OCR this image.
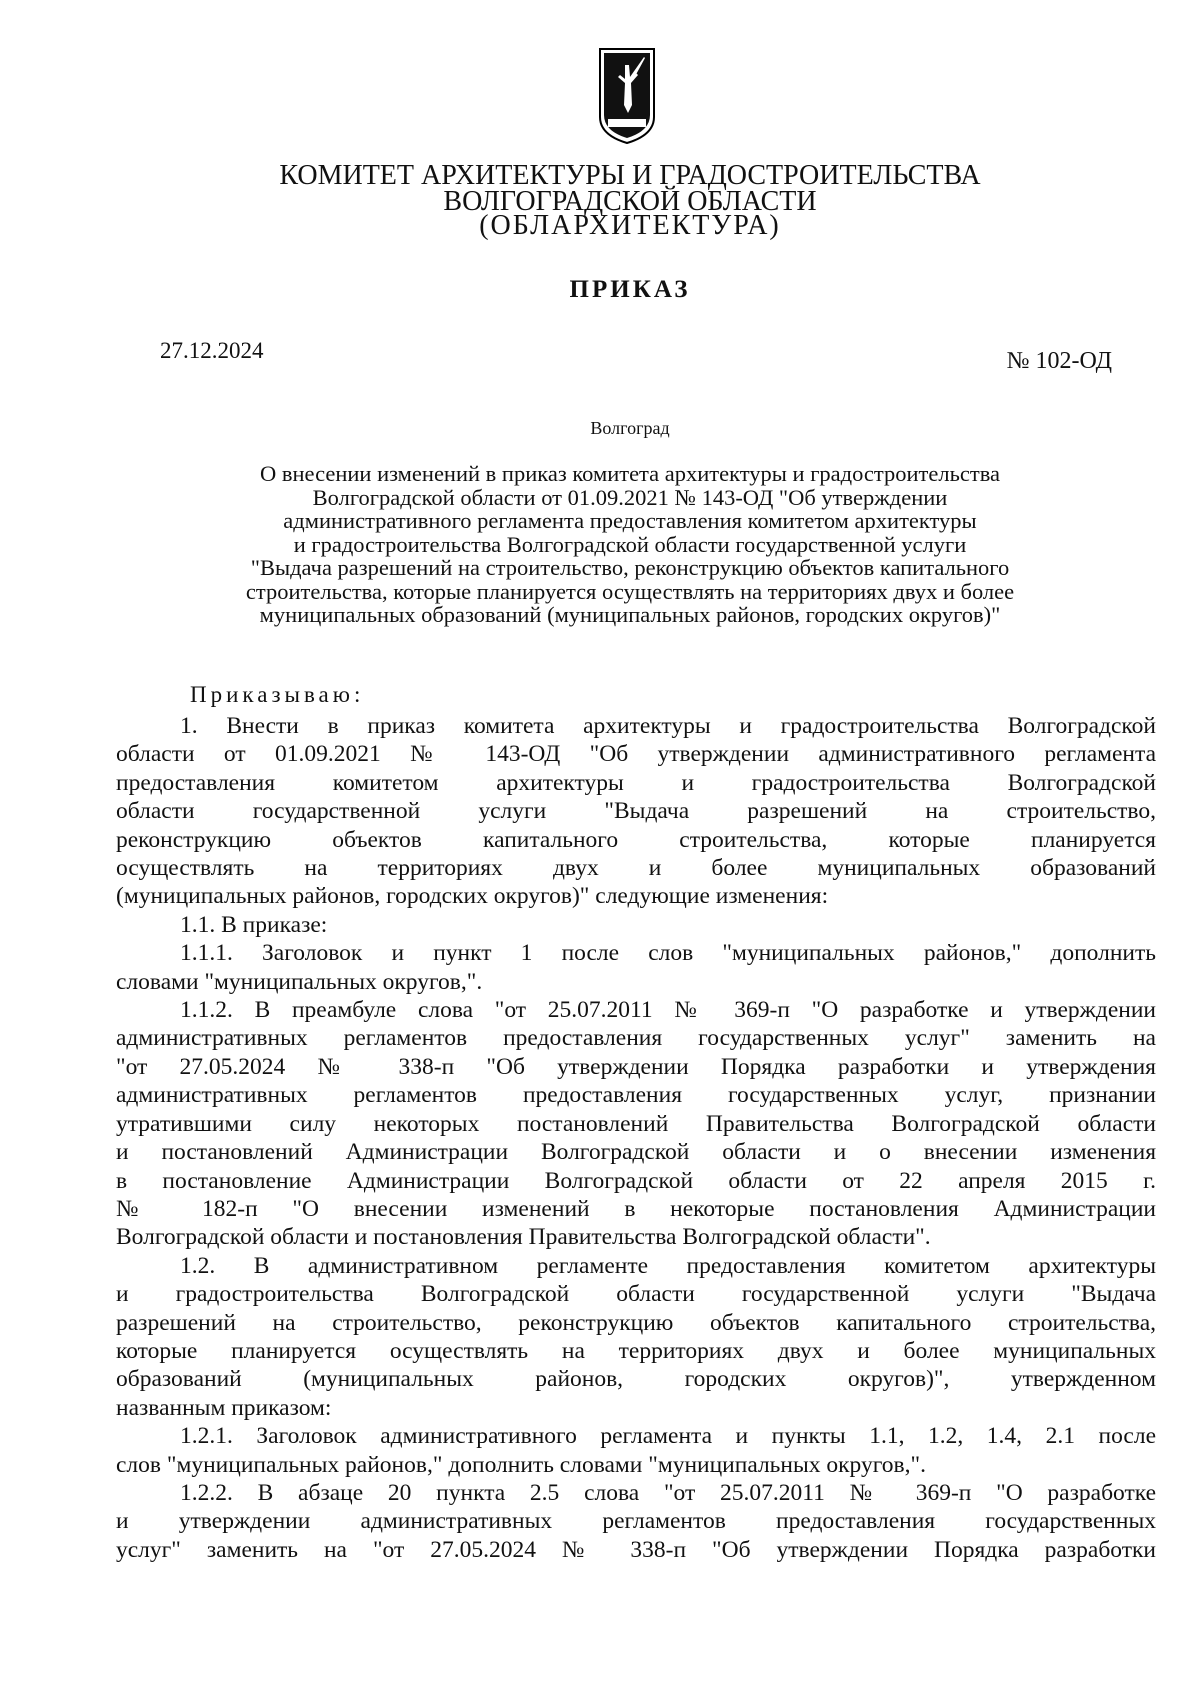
КОМИТЕТ АРХИТЕКТУРЫ И ГРАДОСТРОИТЕЛЬСТВА
ВОЛГОГРАДСКОЙ ОБЛАСТИ
(ОБЛАРХИТЕКТУРА)
ПРИКАЗ
27.12.2024	№ 102-ОД
Волгоград
О внесении изменений в приказ комитета архитектуры и градостроительства
Волгоградской области от 01.09.2021 № 143-ОД "Об утверждении
административного регламента предоставления комитетом архитектуры
и градостроительства Волгоградской области государственной услуги
"Выдача разрешений на строительство, реконструкцию объектов капитального
строительства, которые планируется осуществлять на территориях двух и более
муниципальных образований (муниципальных районов, городских округов)"
Приказываю:
1. Внести в приказ комитета архитектуры и градостроительства Волгоградской
области от 01.09.2021 № 143-ОД "Об утверждении административного регламента
предоставления комитетом архитектуры и градостроительства Волгоградской
области государственной услуги "Выдача разрешений на строительство,
реконструкцию объектов капитального строительства, которые планируется
осуществлять на территориях двух и более муниципальных образований
(муниципальных районов, городских округов)" следующие изменения:
1.1. В приказе:
1.1.1. Заголовок и пункт 1 после слов "муниципальных районов," дополнить
словами "муниципальных округов,".
1.1.2. В преамбуле слова "от 25.07.2011 № 369-п "О разработке и утверждении
административных регламентов предоставления государственных услуг" заменить на
"от 27.05.2024 № 338-п "Об утверждении Порядка разработки и утверждения
административных регламентов предоставления государственных услуг, признании
утратившими силу некоторых постановлений Правительства Волгоградской области
и постановлений Администрации Волгоградской области и о внесении изменения
в постановление Администрации Волгоградской области от 22 апреля 2015 г.
№ 182-п "О внесении изменений в некоторые постановления Администрации
Волгоградской области и постановления Правительства Волгоградской области".
1.2. В административном регламенте предоставления комитетом архитектуры
и градостроительства Волгоградской области государственной услуги "Выдача
разрешений на строительство, реконструкцию объектов капитального строительства,
которые планируется осуществлять на территориях двух и более муниципальных
образований (муниципальных районов, городских округов)", утвержденном
названным приказом:
1.2.1. Заголовок административного регламента и пункты 1.1, 1.2, 1.4, 2.1 после
слов "муниципальных районов," дополнить словами "муниципальных округов,".
1.2.2. В абзаце 20 пункта 2.5 слова "от 25.07.2011 № 369-п "О разработке
и утверждении административных регламентов предоставления государственных
услуг" заменить на "от 27.05.2024 № 338-п "Об утверждении Порядка разработки
